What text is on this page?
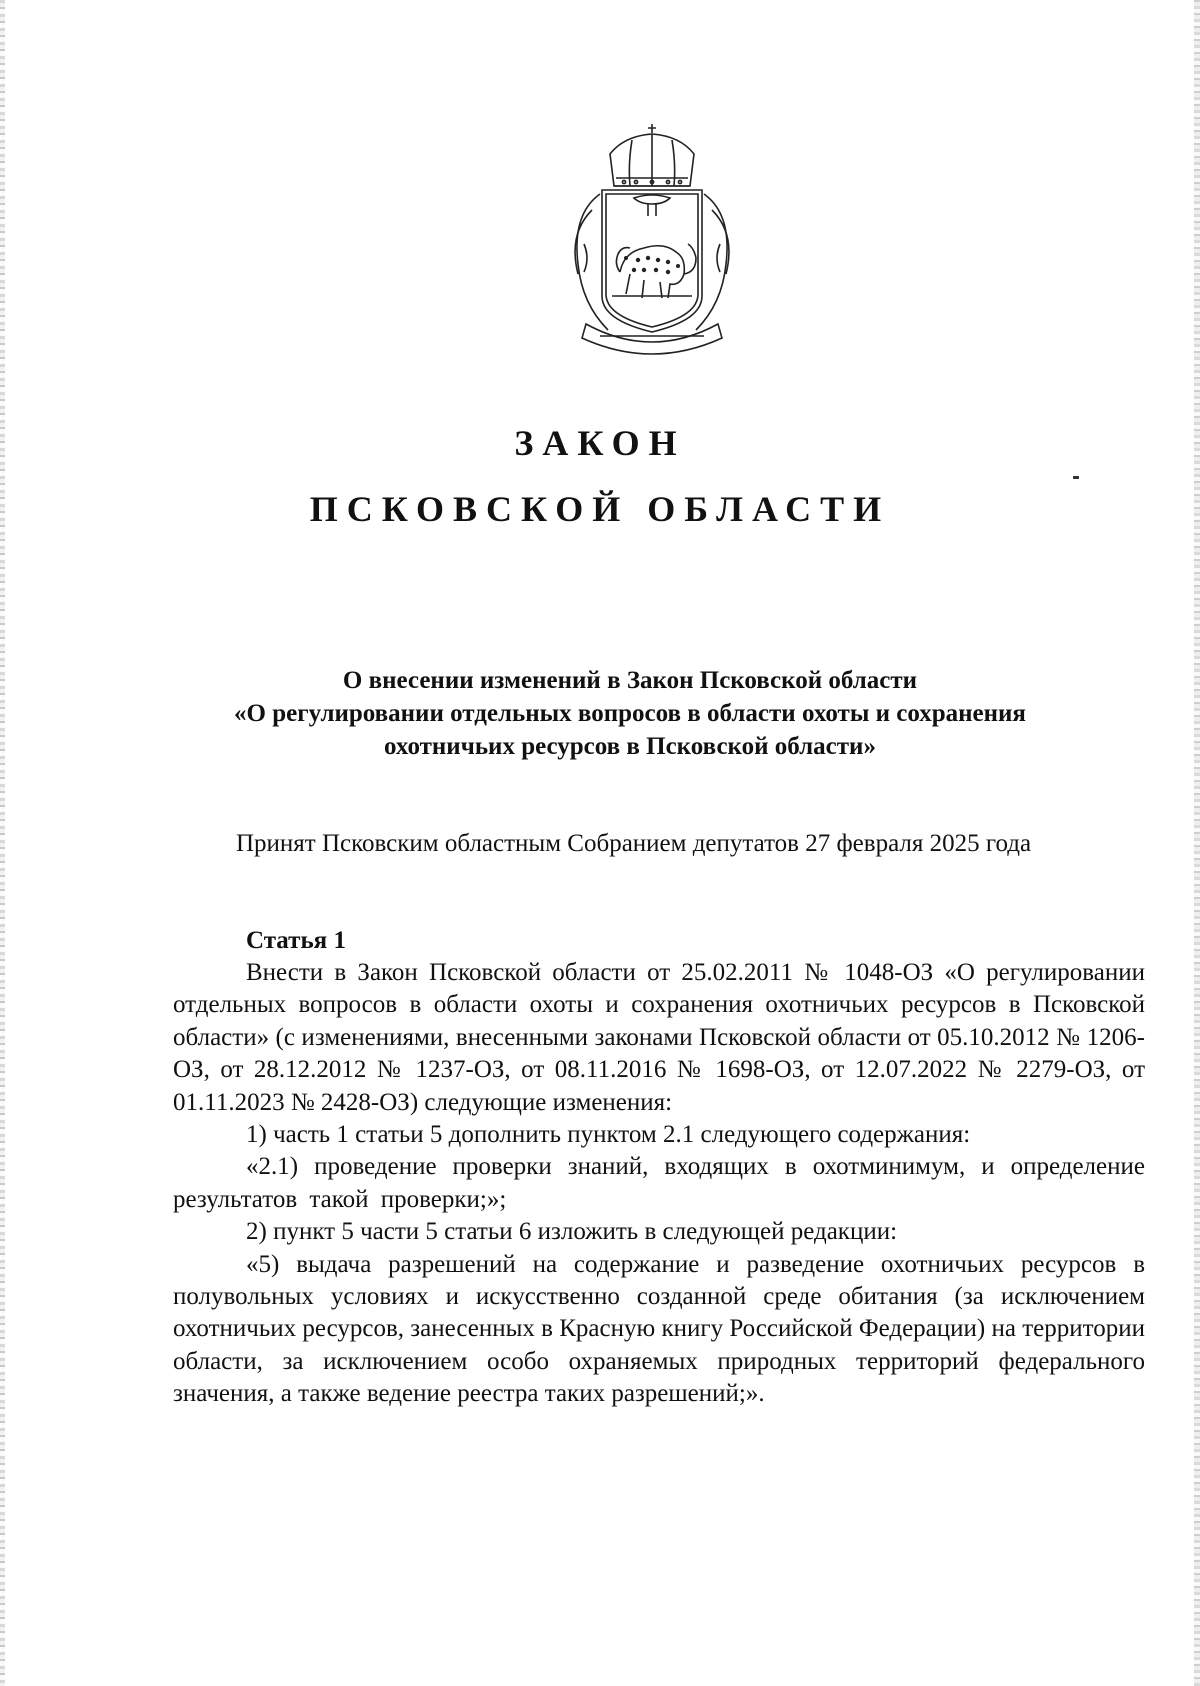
ЗАКОН
ПСКОВСКОЙ ОБЛАСТИ
О внесении изменений в Закон Псковской области
«О регулировании отдельных вопросов в области охоты и сохранения
охотничьих ресурсов в Псковской области»

Принят Псковским областным Собранием депутатов 27 февраля 2025 года

Статья 1

Внести в Закон Псковской области от 25.02.2011 № 1048-ОЗ «О регулировании отдельных вопросов в области охоты и сохранения охотничьих ресурсов в Псковской области» (с изменениями, внесенными законами Псковской области от 05.10.2012 № 1206-ОЗ, от 28.12.2012 № 1237-ОЗ, от 08.11.2016 № 1698-ОЗ, от 12.07.2022 № 2279-ОЗ, от 01.11.2023 № 2428-ОЗ) следующие изменения:

1) часть 1 статьи 5 дополнить пунктом 2.1 следующего содержания:

«2.1) проведение проверки знаний, входящих в охотминимум, и определение результатов такой проверки;»;

2) пункт 5 части 5 статьи 6 изложить в следующей редакции:

«5) выдача разрешений на содержание и разведение охотничьих ресурсов в полувольных условиях и искусственно созданной среде обитания (за исключением охотничьих ресурсов, занесенных в Красную книгу Российской Федерации) на территории области, за исключением особо охраняемых природных территорий федерального значения, а также ведение реестра таких разрешений;».
